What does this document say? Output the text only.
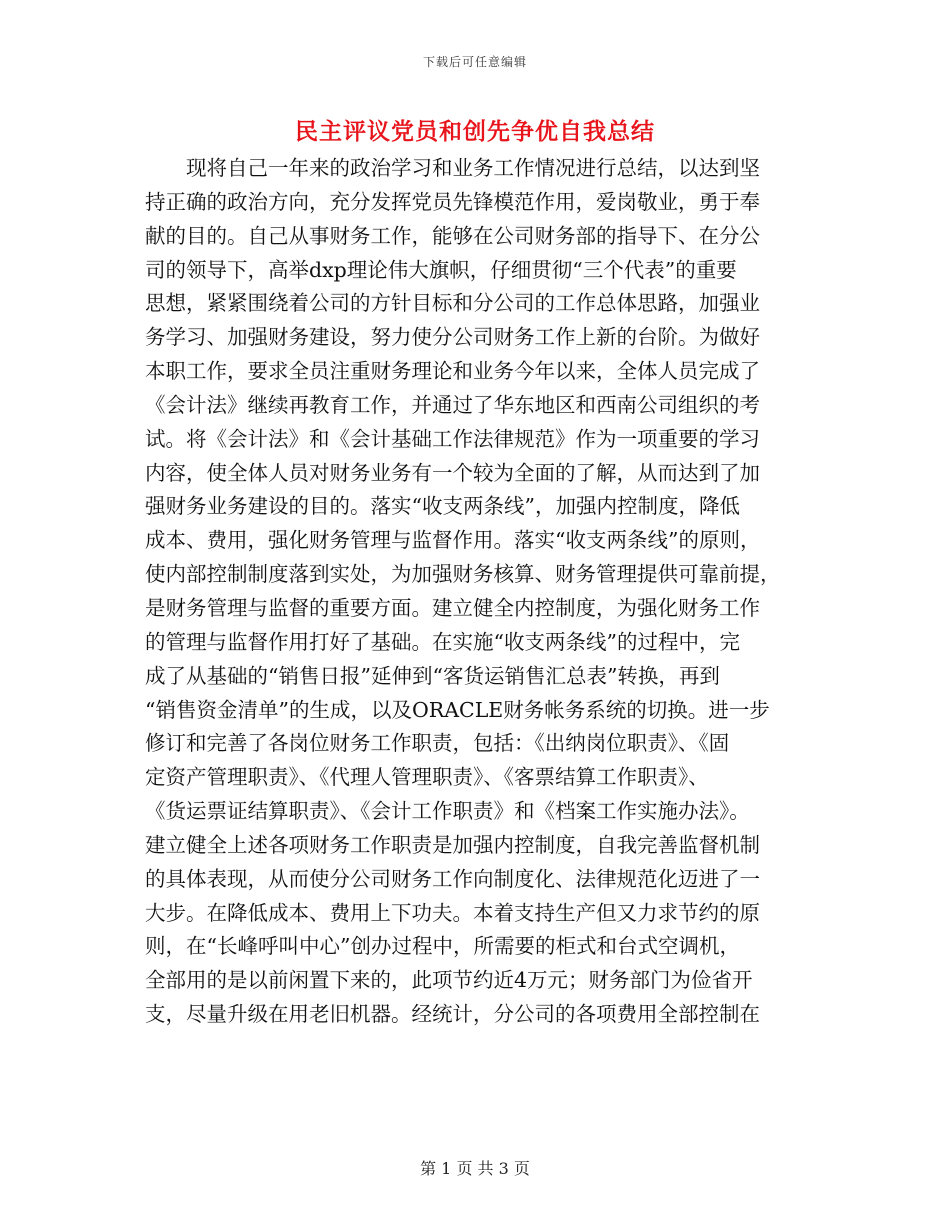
下载后可任意编辑
民主评议党员和创先争优自我总结
　　现将自己一年来的政治学习和业务工作情况进行总结，以达到坚
持正确的政治方向，充分发挥党员先锋模范作用，爱岗敬业，勇于奉
献的目的。自己从事财务工作，能够在公司财务部的指导下、在分公
司的领导下，高举dxp理论伟大旗帜，仔细贯彻“三个代表”的重要
思想，紧紧围绕着公司的方针目标和分公司的工作总体思路，加强业
务学习、加强财务建设，努力使分公司财务工作上新的台阶。为做好
本职工作，要求全员注重财务理论和业务今年以来，全体人员完成了
《会计法》继续再教育工作，并通过了华东地区和西南公司组织的考
试。将《会计法》和《会计基础工作法律规范》作为一项重要的学习
内容，使全体人员对财务业务有一个较为全面的了解，从而达到了加
强财务业务建设的目的。落实“收支两条线”，加强内控制度，降低
成本、费用，强化财务管理与监督作用。落实“收支两条线”的原则，
使内部控制制度落到实处，为加强财务核算、财务管理提供可靠前提，
是财务管理与监督的重要方面。建立健全内控制度，为强化财务工作
的管理与监督作用打好了基础。在实施“收支两条线”的过程中，完
成了从基础的“销售日报”延伸到“客货运销售汇总表”转换，再到
“销售资金清单”的生成，以及ORACLE财务帐务系统的切换。进一步
修订和完善了各岗位财务工作职责，包括：《出纳岗位职责》、《固
定资产管理职责》、《代理人管理职责》、《客票结算工作职责》、
《货运票证结算职责》、《会计工作职责》和《档案工作实施办法》。
建立健全上述各项财务工作职责是加强内控制度，自我完善监督机制
的具体表现，从而使分公司财务工作向制度化、法律规范化迈进了一
大步。在降低成本、费用上下功夫。本着支持生产但又力求节约的原
则，在“长峰呼叫中心”创办过程中，所需要的柜式和台式空调机，
全部用的是以前闲置下来的，此项节约近4万元；财务部门为俭省开
支，尽量升级在用老旧机器。经统计，分公司的各项费用全部控制在
第 1 页 共 3 页
